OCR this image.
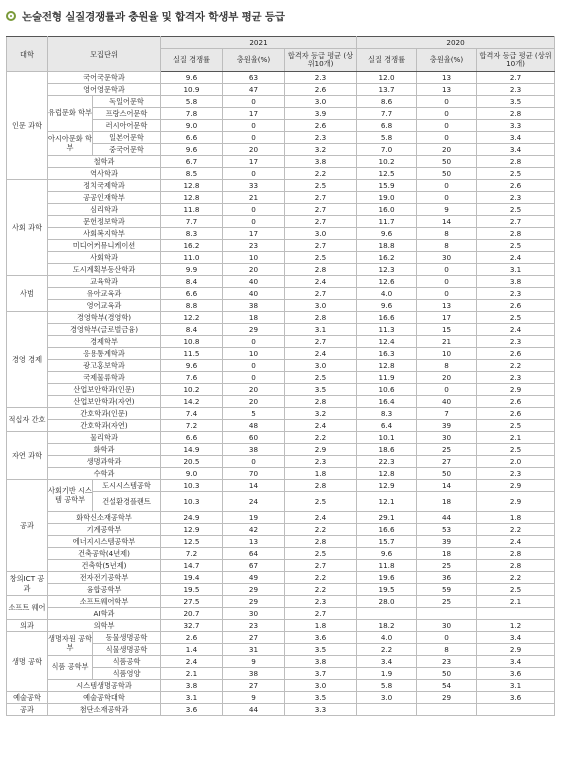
논술전형 실질경쟁률과 충원율 및 합격자 학생부 평균 등급
대학	모집단위		2021			2020		
			실질 경쟁률	충원율(%)	합격자 등급 평균 (상위10개)	실질 경쟁률	충원율(%)	합격자 등급 평균 (상위10개)
인문 과학	국어국문학과		9.6	63	2.3	12.0	13	2.7
	영어영문학과		10.9	47	2.6	13.7	13	2.3
	유럽문화 학부	독일어문학	5.8	0	3.0	8.6	0	3.5
		프랑스어문학	7.8	17	3.9	7.7	0	2.8
		러시아어문학	9.0	0	2.6	6.8	0	3.3
	아시아문화 학부	일본어문학	6.6	0	2.3	5.8	0	3.4
		중국어문학	9.6	20	3.2	7.0	20	3.4
	철학과		6.7	17	3.8	10.2	50	2.8
	역사학과		8.5	0	2.2	12.5	50	2.5
사회 과학	정치국제학과		12.8	33	2.5	15.9	0	2.6
	공공인재학부		12.8	21	2.7	19.0	0	2.3
	심리학과		11.8	0	2.7	16.0	9	2.5
	문헌정보학과		7.7	0	2.7	11.7	14	2.7
	사회복지학부		8.3	17	3.0	9.6	8	2.8
	미디어커뮤니케이션		16.2	23	2.7	18.8	8	2.5
	사회학과		11.0	10	2.5	16.2	30	2.4
	도시계획부동산학과		9.9	20	2.8	12.3	0	3.1
사범	교육학과		8.4	40	2.4	12.6	0	3.8
	유아교육과		6.6	40	2.7	4.0	0	2.3
	영어교육과		8.8	38	3.0	9.6	13	2.6
경영 경제	경영학부(경영학)		12.2	18	2.8	16.6	17	2.5
	경영학부(글로벌금융)		8.4	29	3.1	11.3	15	2.4
	경제학부		10.8	0	2.7	12.4	21	2.3
	응용통계학과		11.5	10	2.4	16.3	10	2.6
	광고홍보학과		9.6	0	3.0	12.8	8	2.2
	국제물류학과		7.6	0	2.5	11.9	20	2.3
	산업보안학과(인문)		10.2	20	3.5	10.6	0	2.9
	산업보안학과(자연)		14.2	20	2.8	16.4	40	2.6
적십자 간호	간호학과(인문)		7.4	5	3.2	8.3	7	2.6
	간호학과(자연)		7.2	48	2.4	6.4	39	2.5
자연 과학	물리학과		6.6	60	2.2	10.1	30	2.1
	화학과		14.9	38	2.9	18.6	25	2.5
	생명과학과		20.5	0	2.3	22.3	27	2.0
	수학과		9.0	70	1.8	12.8	50	2.3
공과	사회기반 시스템 공학부	도시시스템공학	10.3	14	2.8	12.9	14	2.9
		건설환경플랜트	10.3	24	2.5	12.1	18	2.9
	화학신소재공학부		24.9	19	2.4	29.1	44	1.8
	기계공학부		12.9	42	2.2	16.6	53	2.2
	에너지시스템공학부		12.5	13	2.8	15.7	39	2.4
	건축공학(4년제)		7.2	64	2.5	9.6	18	2.8
	건축학(5년제)		14.7	67	2.7	11.8	25	2.8
창의ICT 공과	전자전기공학부		19.4	49	2.2	19.6	36	2.2
	융합공학부		19.5	29	2.2	19.5	59	2.5
소프트 웨어	소프트웨어학부		27.5	29	2.3	28.0	25	2.1
	AI학과		20.7	30	2.7			
의과	의학부		32.7	23	1.8	18.2	30	1.2
생명 공학	생명자원 공학부	동물생명공학	2.6	27	3.6	4.0	0	3.4
		식물생명공학	1.4	31	3.5	2.2	8	2.9
	식품 공학부	식품공학	2.4	9	3.8	3.4	23	3.4
		식품영양	2.1	38	3.7	1.9	50	3.6
	시스템생명공학과		3.8	27	3.0	5.8	54	3.1
예술공학	예술공학대학		3.1	9	3.5	3.0	29	3.6
공과	첨단소재공학과		3.6	44	3.3			
